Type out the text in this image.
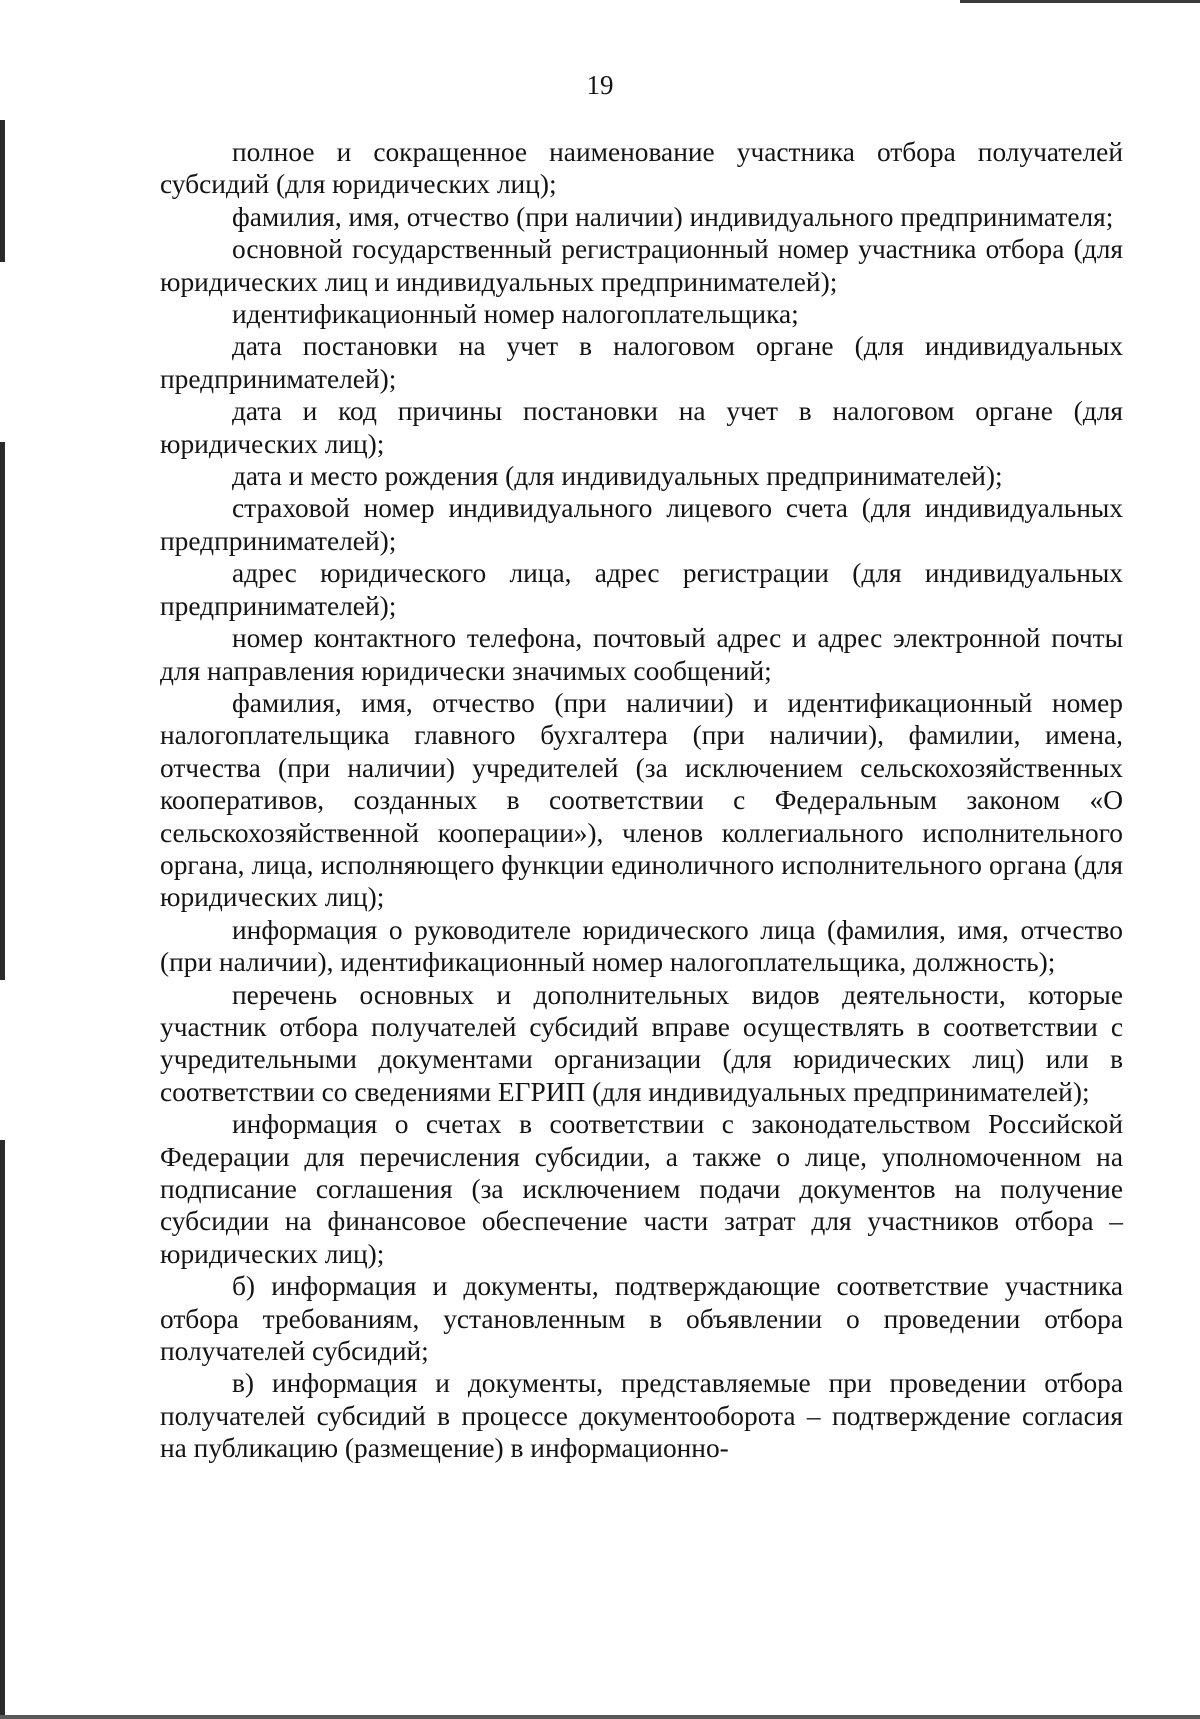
19

полное и сокращенное наименование участника отбора получателей субсидий (для юридических лиц);

фамилия, имя, отчество (при наличии) индивидуального предпринимателя;

основной государственный регистрационный номер участника отбора (для юридических лиц и индивидуальных предпринимателей);

идентификационный номер налогоплательщика;

дата постановки на учет в налоговом органе (для индивидуальных предпринимателей);

дата и код причины постановки на учет в налоговом органе (для юридических лиц);

дата и место рождения (для индивидуальных предпринимателей);

страховой номер индивидуального лицевого счета (для индивидуальных предпринимателей);

адрес юридического лица, адрес регистрации (для индивидуальных предпринимателей);

номер контактного телефона, почтовый адрес и адрес электронной почты для направления юридически значимых сообщений;

фамилия, имя, отчество (при наличии) и идентификационный номер налогоплательщика главного бухгалтера (при наличии), фамилии, имена, отчества (при наличии) учредителей (за исключением сельскохозяйственных кооперативов, созданных в соответствии с Федеральным законом «О сельскохозяйственной кооперации»), членов коллегиального исполнительного органа, лица, исполняющего функции единоличного исполнительного органа (для юридических лиц);

информация о руководителе юридического лица (фамилия, имя, отчество (при наличии), идентификационный номер налогоплательщика, должность);

перечень основных и дополнительных видов деятельности, которые участник отбора получателей субсидий вправе осуществлять в соответствии с учредительными документами организации (для юридических лиц) или в соответствии со сведениями ЕГРИП (для индивидуальных предпринимателей);

информация о счетах в соответствии с законодательством Российской Федерации для перечисления субсидии, а также о лице, уполномоченном на подписание соглашения (за исключением подачи документов на получение субсидии на финансовое обеспечение части затрат для участников отбора – юридических лиц);

б) информация и документы, подтверждающие соответствие участника отбора требованиям, установленным в объявлении о проведении отбора получателей субсидий;

в) информация и документы, представляемые при проведении отбора получателей субсидий в процессе документооборота – подтверждение согласия на публикацию (размещение) в информационно-
